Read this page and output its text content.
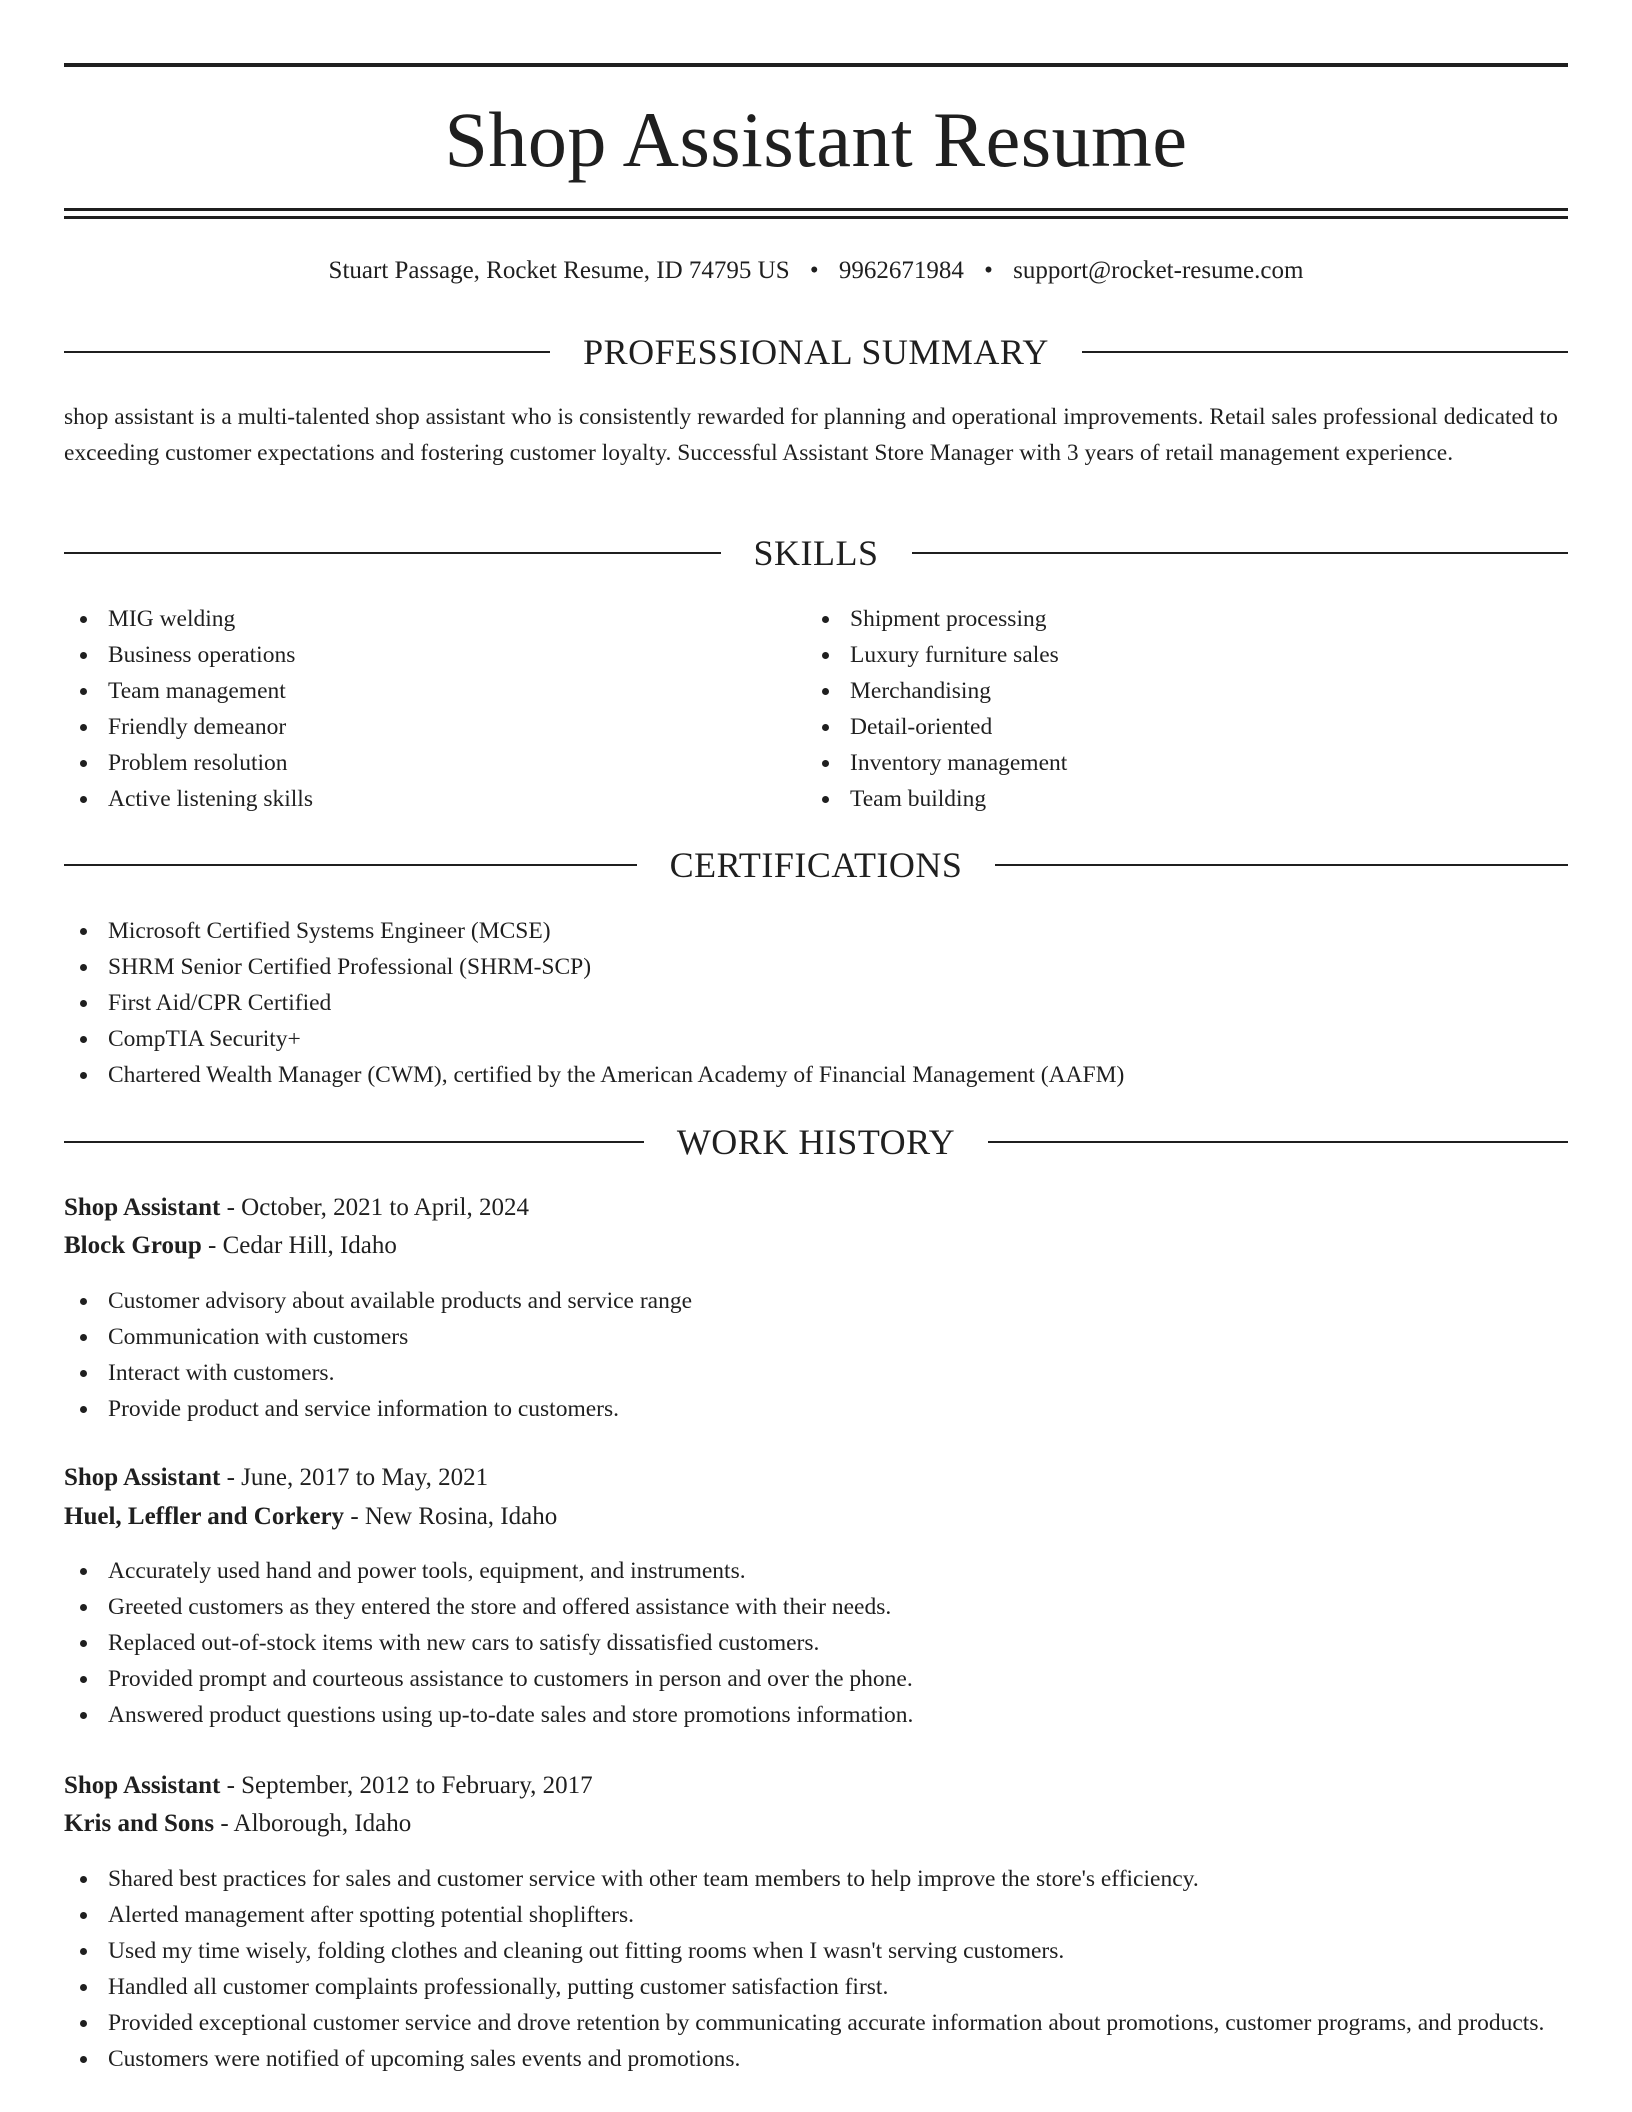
Shop Assistant Resume
Stuart Passage, Rocket Resume, ID 74795 US • 9962671984 • support@rocket-resume.com
PROFESSIONAL SUMMARY

shop assistant is a multi-talented shop assistant who is consistently rewarded for planning and operational improvements. Retail sales professional dedicated to exceeding customer expectations and fostering customer loyalty. Successful Assistant Store Manager with 3 years of retail management experience.

SKILLS
MIG welding
Business operations
Team management
Friendly demeanor
Problem resolution
Active listening skills
Shipment processing
Luxury furniture sales
Merchandising
Detail-oriented
Inventory management
Team building
CERTIFICATIONS
Microsoft Certified Systems Engineer (MCSE)
SHRM Senior Certified Professional (SHRM-SCP)
First Aid/CPR Certified
CompTIA Security+
Chartered Wealth Manager (CWM), certified by the American Academy of Financial Management (AAFM)
WORK HISTORY
Shop Assistant - October, 2021 to April, 2024
Block Group - Cedar Hill, Idaho
Customer advisory about available products and service range
Communication with customers
Interact with customers.
Provide product and service information to customers.
Shop Assistant - June, 2017 to May, 2021
Huel, Leffler and Corkery - New Rosina, Idaho
Accurately used hand and power tools, equipment, and instruments.
Greeted customers as they entered the store and offered assistance with their needs.
Replaced out-of-stock items with new cars to satisfy dissatisfied customers.
Provided prompt and courteous assistance to customers in person and over the phone.
Answered product questions using up-to-date sales and store promotions information.
Shop Assistant - September, 2012 to February, 2017
Kris and Sons - Alborough, Idaho
Shared best practices for sales and customer service with other team members to help improve the store's efficiency.
Alerted management after spotting potential shoplifters.
Used my time wisely, folding clothes and cleaning out fitting rooms when I wasn't serving customers.
Handled all customer complaints professionally, putting customer satisfaction first.
Provided exceptional customer service and drove retention by communicating accurate information about promotions, customer programs, and products.
Customers were notified of upcoming sales events and promotions.
